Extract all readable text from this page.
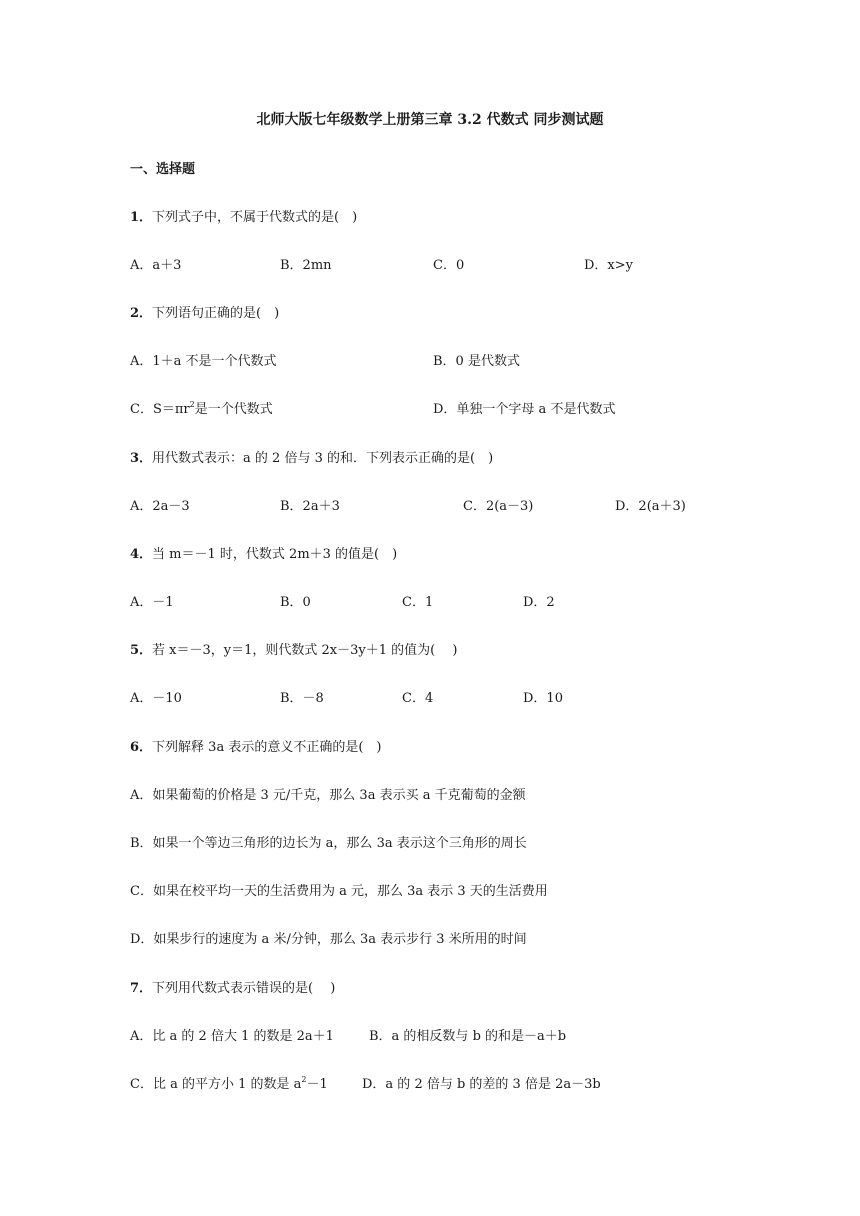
北师大版七年级数学上册第三章 3.2 代数式 同步测试题
一、选择题
1．下列式子中，不属于代数式的是(　)
A．a＋3	B．2mn	C．0	D．x>y
2．下列语句正确的是(　)
A．1＋a 不是一个代数式	B．0 是代数式
C．$S=\pi r^2$是一个代数式	D．单独一个字母 a 不是代数式
3．用代数式表示：a 的 2 倍与 3 的和．下列表示正确的是(　)
A．2a－3	B．2a＋3	C．2(a－3)	D．2(a＋3)
4．当 m＝－1 时，代数式 2m＋3 的值是(　)
A．－1	B．0	C．1	D．2
5．若 x＝－3，y＝1，则代数式 2x－3y＋1 的值为(　 )
A．－10	B．－8	C．4	D．10
6．下列解释 3a 表示的意义不正确的是(　)
A．如果葡萄的价格是 3 元/千克，那么 3a 表示买 a 千克葡萄的金额
B．如果一个等边三角形的边长为 a，那么 3a 表示这个三角形的周长
C．如果在校平均一天的生活费用为 a 元，那么 3a 表示 3 天的生活费用
D．如果步行的速度为 a 米/分钟，那么 3a 表示步行 3 米所用的时间
7．下列用代数式表示错误的是(　 )
A．比 a 的 2 倍大 1 的数是 2a＋1	B．a 的相反数与 b 的和是－a＋b
C．比 a 的平方小 1 的数是 $a^2-1$	D．a 的 2 倍与 b 的差的 3 倍是 2a－3b
